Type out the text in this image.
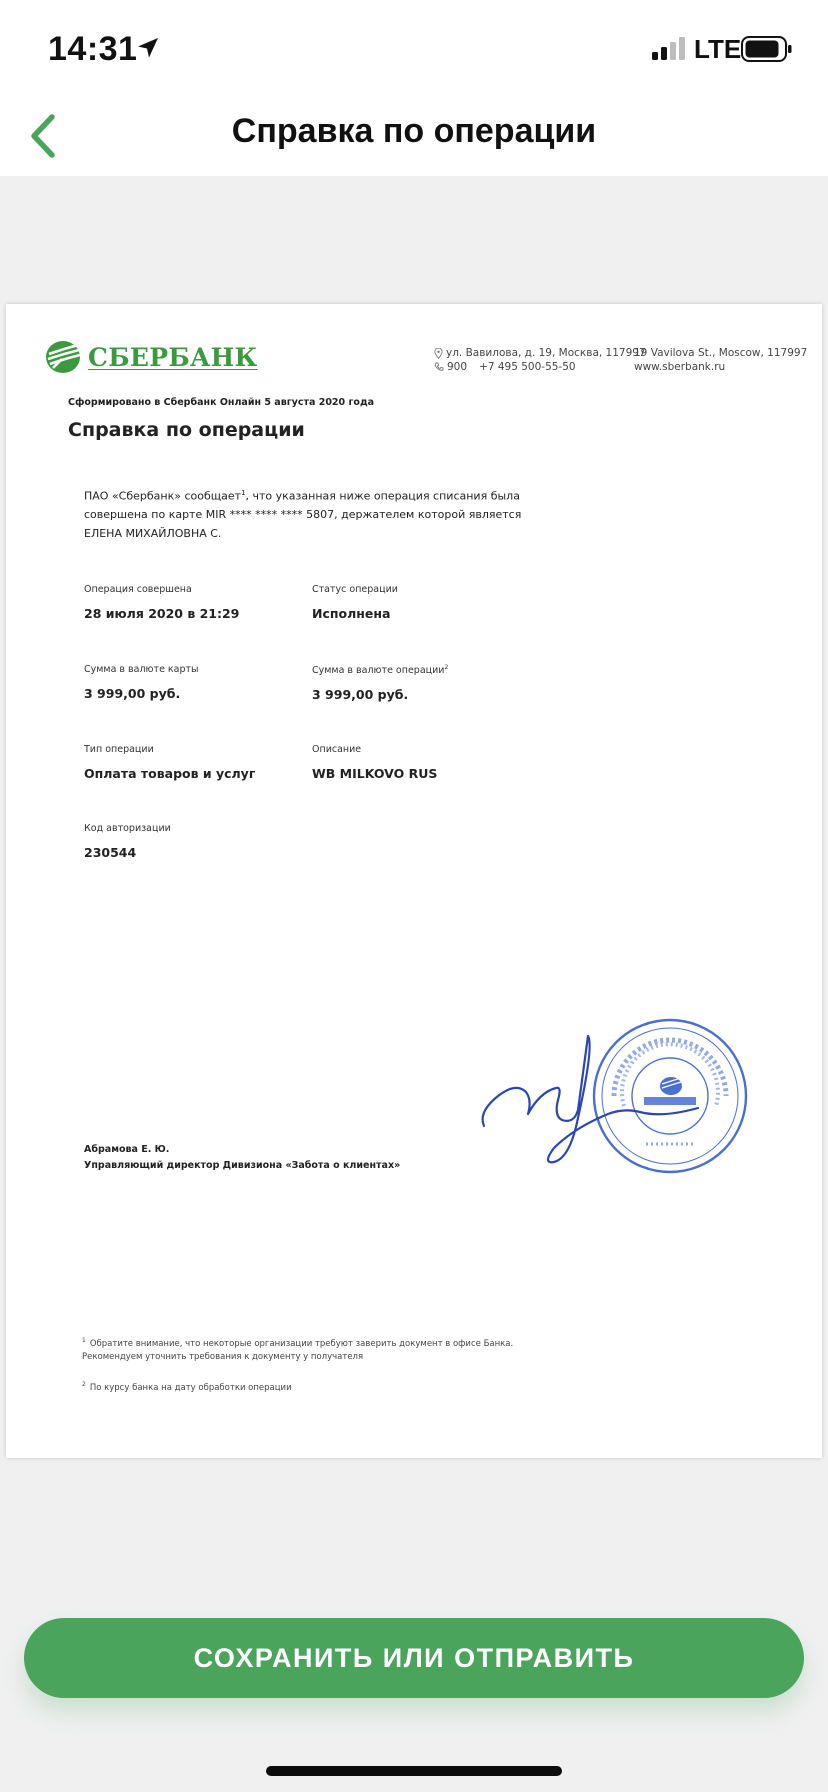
14:31	LTE
Справка по операции
СБЕРБАНК	ул. Вавилова, д. 19, Москва, 117997
900 +7 495 500-55-50
19 Vavilova St., Moscow, 117997
www.sberbank.ru
Сформировано в Сбербанк Онлайн 5 августа 2020 года
Справка по операции
ПАО «Сбербанк» сообщает$^1$, что указанная ниже операция списания была совершена по карте MIR **** **** **** 5807, держателем которой является ЕЛЕНА МИХАЙЛОВНА С.
Операция совершена
28 июля 2020 в 21:29
Статус операции
Исполнена
Сумма в валюте карты
3 999,00 руб.
Сумма в валюте операции$^2$
3 999,00 руб.
Тип операции
Оплата товаров и услуг
Описание
WB MILKOVO RUS
Код авторизации
230544
Абрамова Е. Ю.
Управляющий директор Дивизиона «Забота о клиентах»
$^1$ Обратите внимание, что некоторые организации требуют заверить документ в офисе Банка. Рекомендуем уточнить требования к документу у получателя
$^2$ По курсу банка на дату обработки операции
СОХРАНИТЬ ИЛИ ОТПРАВИТЬ
